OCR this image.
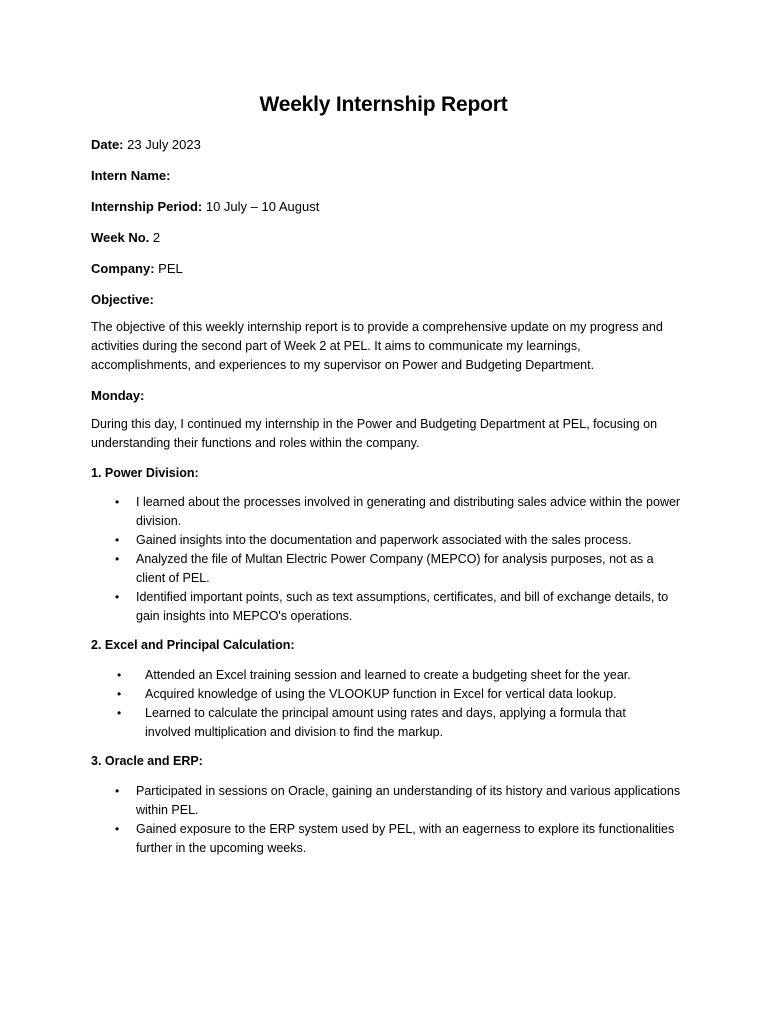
Weekly Internship Report
Date: 23 July 2023
Intern Name:
Internship Period: 10 July – 10 August
Week No. 2
Company: PEL
Objective:
The objective of this weekly internship report is to provide a comprehensive update on my progress and activities during the second part of Week 2 at PEL. It aims to communicate my learnings, accomplishments, and experiences to my supervisor on Power and Budgeting Department.
Monday:
During this day, I continued my internship in the Power and Budgeting Department at PEL, focusing on understanding their functions and roles within the company.
1. Power Division:
• I learned about the processes involved in generating and distributing sales advice within the power division.
• Gained insights into the documentation and paperwork associated with the sales process.
• Analyzed the file of Multan Electric Power Company (MEPCO) for analysis purposes, not as a client of PEL.
• Identified important points, such as text assumptions, certificates, and bill of exchange details, to gain insights into MEPCO's operations.
2. Excel and Principal Calculation:
• Attended an Excel training session and learned to create a budgeting sheet for the year.
• Acquired knowledge of using the VLOOKUP function in Excel for vertical data lookup.
• Learned to calculate the principal amount using rates and days, applying a formula that involved multiplication and division to find the markup.
3. Oracle and ERP:
• Participated in sessions on Oracle, gaining an understanding of its history and various applications within PEL.
• Gained exposure to the ERP system used by PEL, with an eagerness to explore its functionalities further in the upcoming weeks.
